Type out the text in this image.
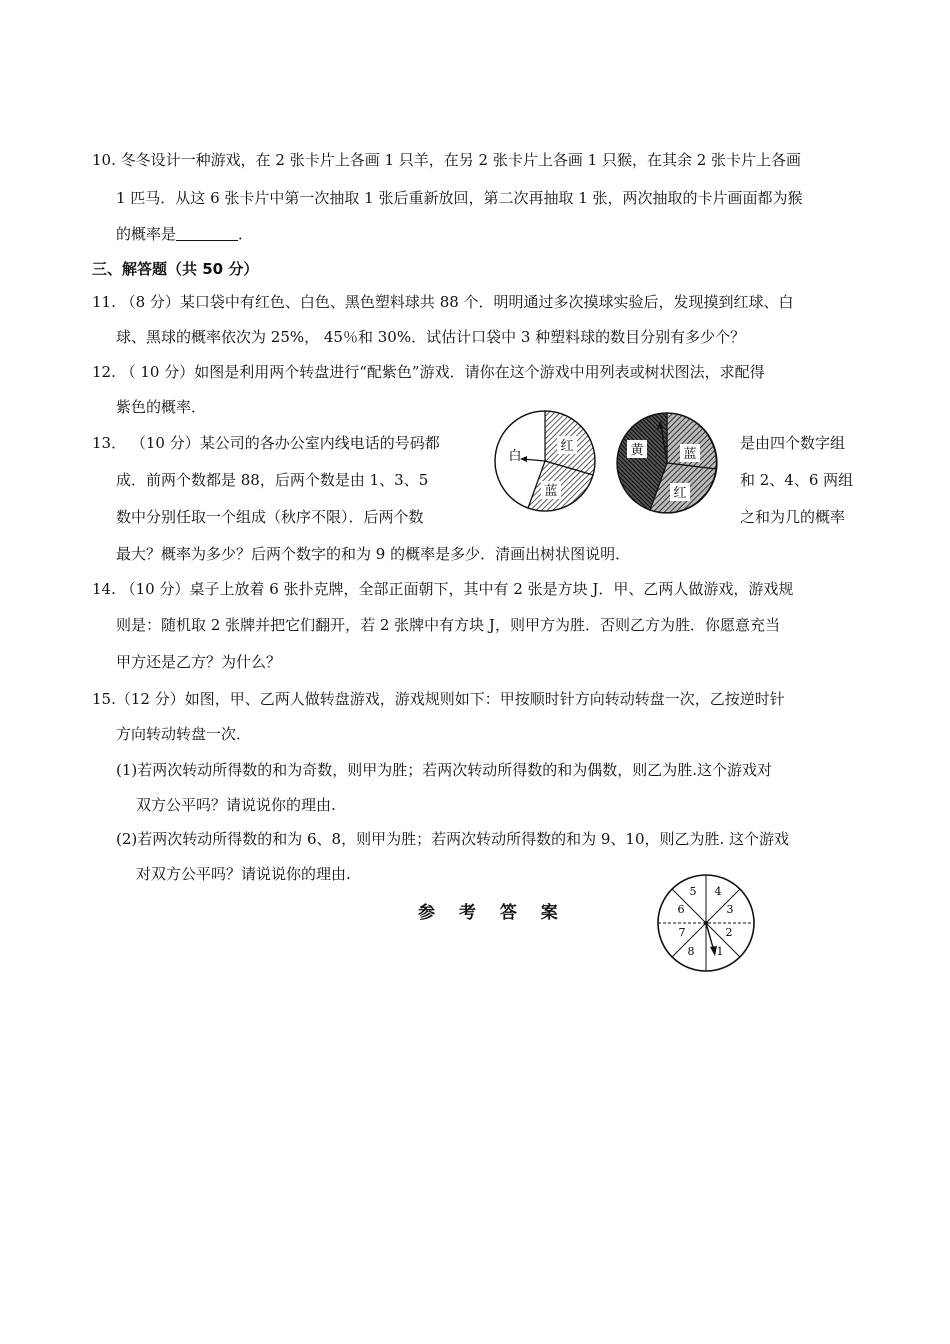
10. 冬冬设计一种游戏，在 2 张卡片上各画 1 只羊，在另 2 张卡片上各画 1 只猴，在其余 2 张卡片上各画
1 匹马．从这 6 张卡片中第一次抽取 1 张后重新放回，第二次再抽取 1 张，两次抽取的卡片画面都为猴
的概率是	．
三、解答题（共 50 分）
11. （8 分）某口袋中有红色、白色、黑色塑料球共 88 个．明明通过多次摸球实验后，发现摸到红球、白
球、黑球的概率依次为 25%， 45％和 30%．试估计口袋中 3 种塑料球的数目分别有多少个？
12. （ 10 分）如图是利用两个转盘进行“配紫色”游戏．请你在这个游戏中用列表或树状图法，求配得
紫色的概率．
13． （10 分）某公司的各办公室内线电话的号码都	是由四个数字组
成．前两个数都是 88，后两个数是由 1、3、5	和 2、4、6 两组
数中分别任取一个组成（秋序不限）．后两个数	之和为几的概率
最大？概率为多少？后两个数字的和为 9 的概率是多少．清画出树状图说明．
红
蓝
白	黄	蓝
红
14. （10 分）桌子上放着 6 张扑克牌，全部正面朝下，其中有 2 张是方块 J．甲、乙两人做游戏，游戏规
则是：随机取 2 张牌并把它们翻开，若 2 张牌中有方块 J，则甲方为胜．否则乙方为胜．你愿意充当
甲方还是乙方？为什么？
15.（12 分）如图，甲、乙两人做转盘游戏，游戏规则如下：甲按顺时针方向转动转盘一次，乙按逆时针
方向转动转盘一次．
(1)若两次转动所得数的和为奇数，则甲为胜；若两次转动所得数的和为偶数，则乙为胜.这个游戏对
双方公平吗？请说说你的理由.
(2)若两次转动所得数的和为 6、8，则甲为胜；若两次转动所得数的和为 9、10，则乙为胜. 这个游戏
对双方公平吗？请说说你的理由.
参 考 答 案
1
2
3
4
5
6
7
8
